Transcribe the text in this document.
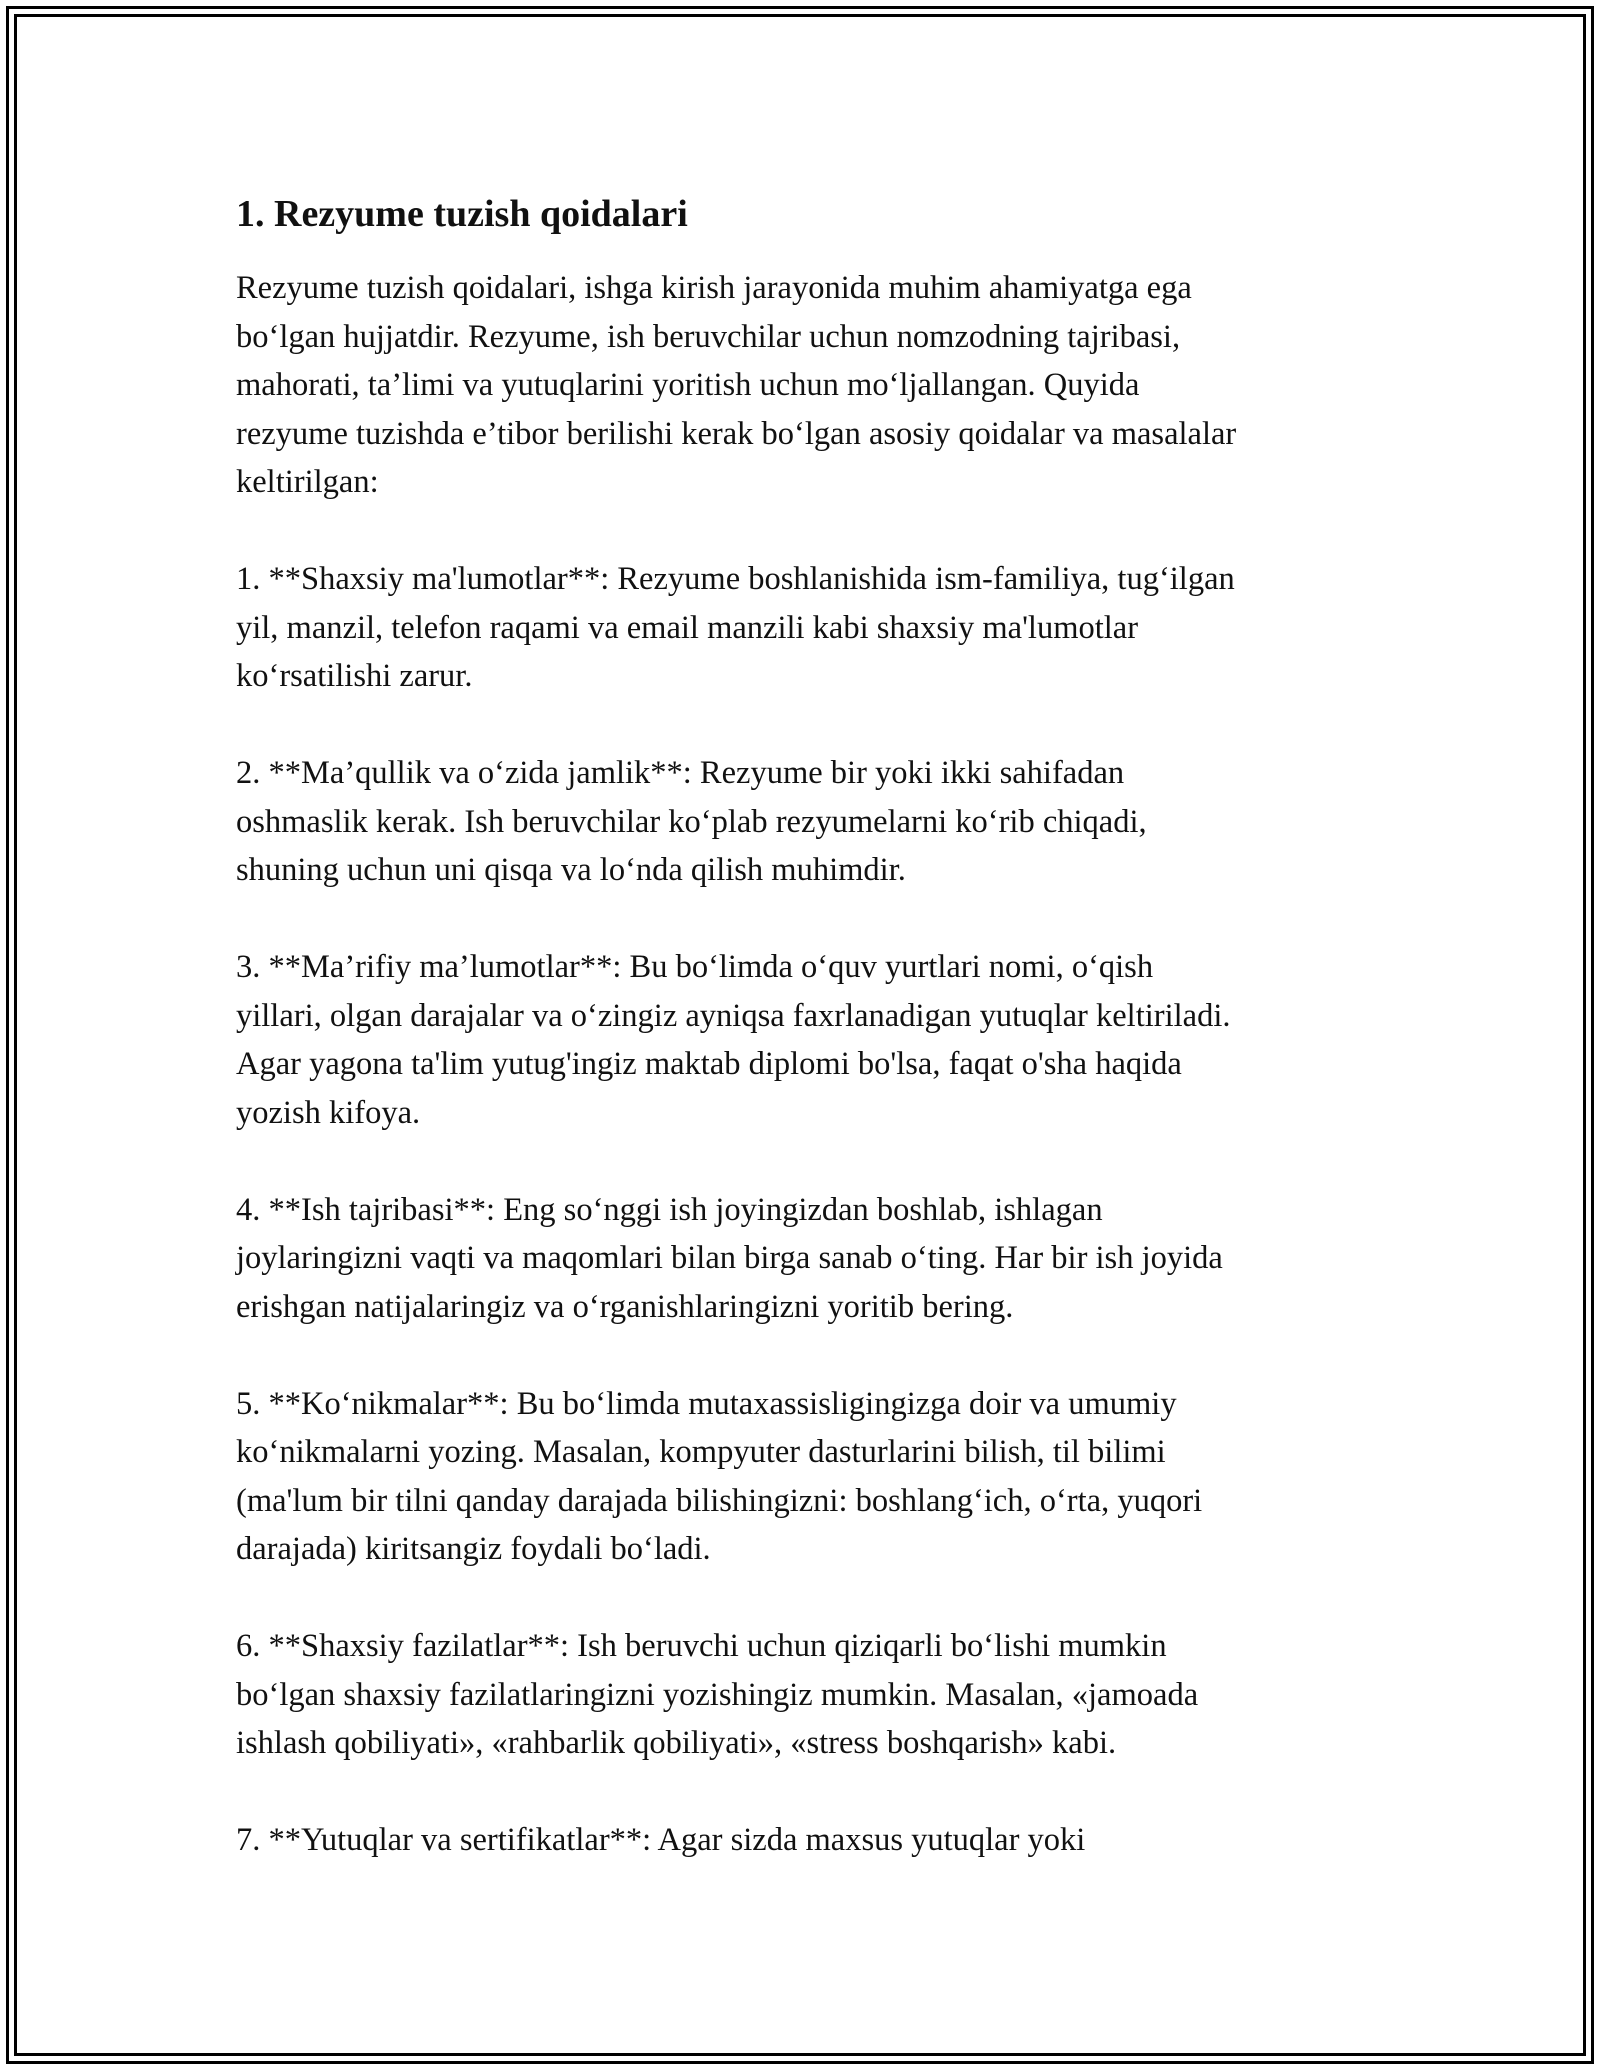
1. Rezyume tuzish qoidalari

Rezyume tuzish qoidalari, ishga kirish jarayonida muhim ahamiyatga ega
bo‘lgan hujjatdir. Rezyume, ish beruvchilar uchun nomzodning tajribasi,
mahorati, ta’limi va yutuqlarini yoritish uchun mo‘ljallangan. Quyida
rezyume tuzishda e’tibor berilishi kerak bo‘lgan asosiy qoidalar va masalalar
keltirilgan:

1. **Shaxsiy ma'lumotlar**: Rezyume boshlanishida ism-familiya, tug‘ilgan
yil, manzil, telefon raqami va email manzili kabi shaxsiy ma'lumotlar
ko‘rsatilishi zarur.

2. **Ma’qullik va o‘zida jamlik**: Rezyume bir yoki ikki sahifadan
oshmaslik kerak. Ish beruvchilar ko‘plab rezyumelarni ko‘rib chiqadi,
shuning uchun uni qisqa va lo‘nda qilish muhimdir.

3. **Ma’rifiy ma’lumotlar**: Bu bo‘limda o‘quv yurtlari nomi, o‘qish
yillari, olgan darajalar va o‘zingiz ayniqsa faxrlanadigan yutuqlar keltiriladi.
Agar yagona ta'lim yutug'ingiz maktab diplomi bo'lsa, faqat o'sha haqida
yozish kifoya.

4. **Ish tajribasi**: Eng so‘nggi ish joyingizdan boshlab, ishlagan
joylaringizni vaqti va maqomlari bilan birga sanab o‘ting. Har bir ish joyida
erishgan natijalaringiz va o‘rganishlaringizni yoritib bering.

5. **Ko‘nikmalar**: Bu bo‘limda mutaxassisligingizga doir va umumiy
ko‘nikmalarni yozing. Masalan, kompyuter dasturlarini bilish, til bilimi
(ma'lum bir tilni qanday darajada bilishingizni: boshlang‘ich, o‘rta, yuqori
darajada) kiritsangiz foydali bo‘ladi.

6. **Shaxsiy fazilatlar**: Ish beruvchi uchun qiziqarli bo‘lishi mumkin
bo‘lgan shaxsiy fazilatlaringizni yozishingiz mumkin. Masalan, «jamoada
ishlash qobiliyati», «rahbarlik qobiliyati», «stress boshqarish» kabi.

7. **Yutuqlar va sertifikatlar**: Agar sizda maxsus yutuqlar yoki
